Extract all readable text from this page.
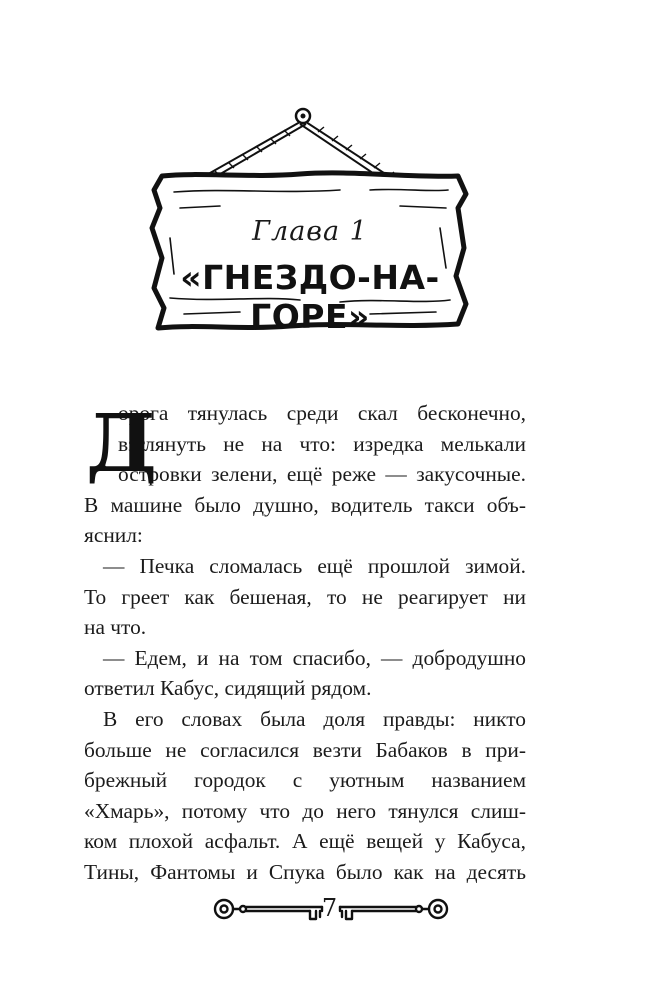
Глава 1
«ГНЕЗДО-НА-ГОРЕ»
Д
орога тянулась среди скал бесконечно,
взглянуть не на что: изредка мелькали
островки зелени, ещё реже — закусочные.
В машине было душно, водитель такси объ-
яснил:
— Печка сломалась ещё прошлой зимой.
То греет как бешеная, то не реагирует ни
на что.
— Едем, и на том спасибо, — добродушно
ответил Кабус, сидящий рядом.
В его словах была доля правды: никто
больше не согласился везти Бабаков в при-
брежный городок с уютным названием
«Хмарь», потому что до него тянулся слиш-
ком плохой асфальт. А ещё вещей у Кабуса,
Тины, Фантомы и Спука было как на десять
7
